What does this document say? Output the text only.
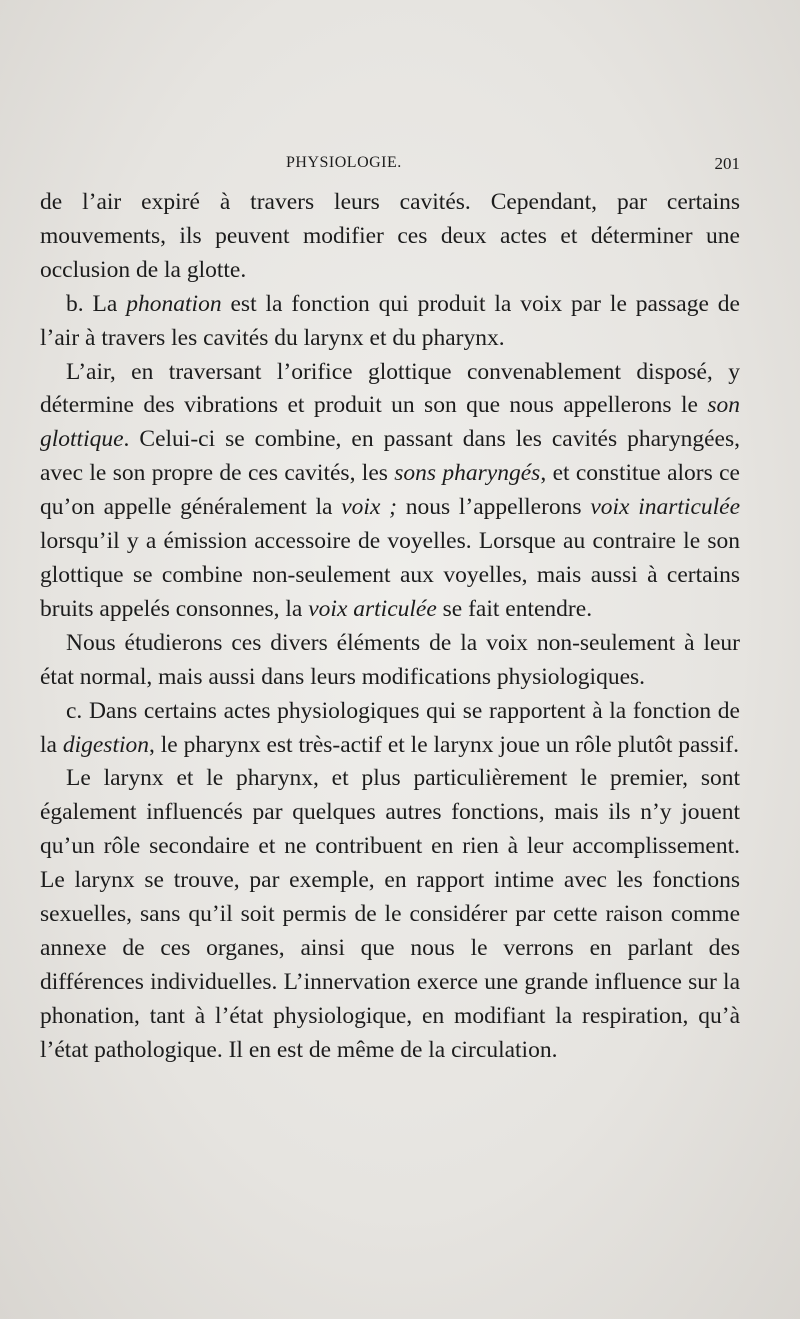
PHYSIOLOGIE.	201

de l’air expiré à travers leurs cavités. Cependant, par certains mouvements, ils peuvent modifier ces deux actes et déterminer une occlusion de la glotte.

b. La phonation est la fonction qui produit la voix par le passage de l’air à travers les cavités du larynx et du pharynx.

L’air, en traversant l’orifice glottique convenablement disposé, y détermine des vibrations et produit un son que nous appellerons le son glottique. Celui-ci se combine, en passant dans les cavités pharyngées, avec le son propre de ces cavités, les sons pharyngés, et constitue alors ce qu’on appelle généralement la voix ; nous l’appellerons voix inarticulée lorsqu’il y a émission accessoire de voyelles. Lorsque au contraire le son glottique se combine non-seulement aux voyelles, mais aussi à certains bruits appelés consonnes, la voix articulée se fait entendre.

Nous étudierons ces divers éléments de la voix non-seulement à leur état normal, mais aussi dans leurs modifications physiologiques.

c. Dans certains actes physiologiques qui se rapportent à la fonction de la digestion, le pharynx est très-actif et le larynx joue un rôle plutôt passif.

Le larynx et le pharynx, et plus particulièrement le premier, sont également influencés par quelques autres fonctions, mais ils n’y jouent qu’un rôle secondaire et ne contribuent en rien à leur accomplissement. Le larynx se trouve, par exemple, en rapport intime avec les fonctions sexuelles, sans qu’il soit permis de le considérer par cette raison comme annexe de ces organes, ainsi que nous le verrons en parlant des différences individuelles. L’innervation exerce une grande influence sur la phonation, tant à l’état physiologique, en modifiant la respiration, qu’à l’état pathologique. Il en est de même de la circulation.
